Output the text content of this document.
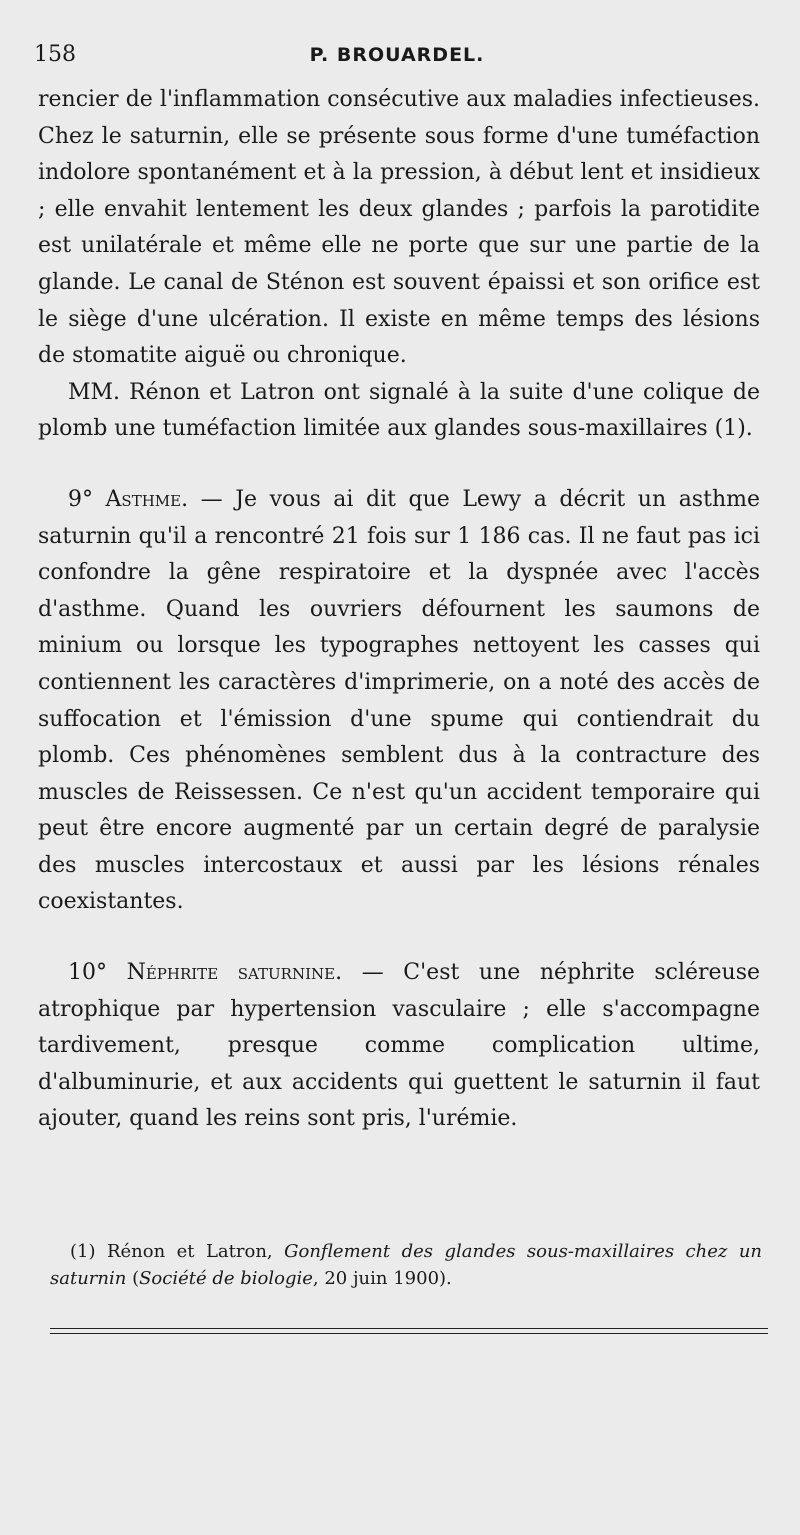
158	P. BROUARDEL.

rencier de l'inflammation consécutive aux maladies infectieuses. Chez le saturnin, elle se présente sous forme d'une tuméfaction indolore spontanément et à la pression, à début lent et insidieux ; elle envahit lentement les deux glandes ; parfois la parotidite est unilatérale et même elle ne porte que sur une partie de la glande. Le canal de Sténon est souvent épaissi et son orifice est le siège d'une ulcération. Il existe en même temps des lésions de stomatite aiguë ou chronique.

MM. Rénon et Latron ont signalé à la suite d'une colique de plomb une tuméfaction limitée aux glandes sous-maxillaires (1).

9° Asthme. — Je vous ai dit que Lewy a décrit un asthme saturnin qu'il a rencontré 21 fois sur 1 186 cas. Il ne faut pas ici confondre la gêne respiratoire et la dyspnée avec l'accès d'asthme. Quand les ouvriers défournent les saumons de minium ou lorsque les typographes nettoyent les casses qui contiennent les caractères d'imprimerie, on a noté des accès de suffocation et l'émission d'une spume qui contiendrait du plomb. Ces phénomènes semblent dus à la contracture des muscles de Reissessen. Ce n'est qu'un accident temporaire qui peut être encore augmenté par un certain degré de paralysie des muscles intercostaux et aussi par les lésions rénales coexistantes.

10° Néphrite saturnine. — C'est une néphrite scléreuse atrophique par hypertension vasculaire ; elle s'accompagne tardivement, presque comme complication ultime, d'albuminurie, et aux accidents qui guettent le saturnin il faut ajouter, quand les reins sont pris, l'urémie.

(1) Rénon et Latron, Gonflement des glandes sous-maxillaires chez un saturnin (Société de biologie, 20 juin 1900).
